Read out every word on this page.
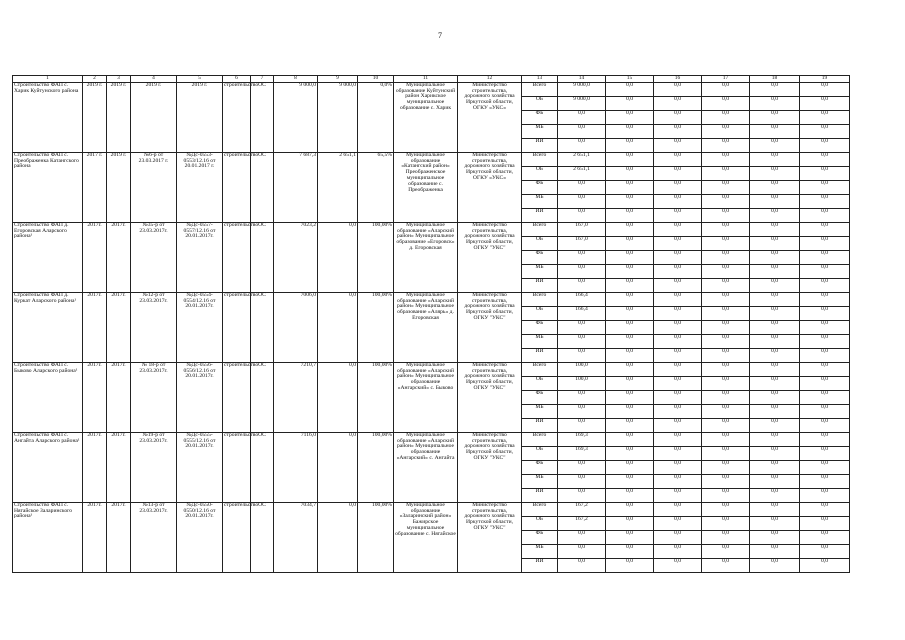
7
1	2	3	4	5	6	7	8	9	10	11	12	13	14	15	16	17	18	19
Строительство ФАП с. Харик Куйтунского района	2019 г.	2019 г.	2019 г.	2019 г.	строительство	ОС	9 000,0	9 000,0	0,0%	Муниципальное образование Куйтунский район Харикское муниципальное образование с. Харик	Министерство строительства, дорожного хозяйства Иркутской области, ОГКУ «УКС»	Всего	9 000,0	0,0	0,0	0,0	0,0	0,0
												ОБ	9 000,0	0,0	0,0	0,0	0,0	0,0
												ФБ	0,0	0,0	0,0	0,0	0,0	0,0
												МБ	0,0	0,0	0,0	0,0	0,0	0,0
												ИИ	0,0	0,0	0,0	0,0	0,0	0,0
Строительство ФАП с. Преображенка Катангского района	2017 г.	2019 г.	№6-р от 23.03.2017 г.	№Дс-0553-0553/12.16 от 20.01.2017 г.	строительство	ОС	7 687,3	2 651,1	65,5%	Муниципальное образование «Катангский район» Преображенское муниципальное образование с. Преображенка	Министерство строительства, дорожного хозяйства Иркутской области, ОГКУ «УКС»	Всего	2 651,1	0,0	0,0	0,0	0,0	0,0
												ОБ	2 651,1	0,0	0,0	0,0	0,0	0,0
												ФБ	0,0	0,0	0,0	0,0	0,0	0,0
												МБ	0,0	0,0	0,0	0,0	0,0	0,0
												ИИ	0,0	0,0	0,0	0,0	0,0	0,0
Строительство ФАП д. Егоровская Аларского района¹	2017г.	2017г.	№35-р от 23.03.2017г.	№Дс-0557-0557/12.16 от 20.01.2017г.	строительство	ОС	7023,2	0,0	100,00%	Муниципальное образование «Аларский район» Муниципальное образование «Егоровск» д. Егоровская	Министерство строительства, дорожного хозяйства Иркутской области, ОГКУ "УКС"	Всего	167,0	0,0	0,0	0,0	0,0	0,0
												ОБ	167,0	0,0	0,0	0,0	0,0	0,0
												ФБ	0,0	0,0	0,0	0,0	0,0	0,0
												МБ	0,0	0,0	0,0	0,0	0,0	0,0
												ИИ	0,0	0,0	0,0	0,0	0,0	0,0
Строительство ФАП д. Куркат Аларского района¹	2017г.	2017г.	№12-р от 23.03.2017г.	№Дс-0554-0554/12.16 от 20.01.2017г.	строительство	ОС	7006,0	0,0	100,00%	Муниципальное образование «Аларский район» Муниципальное образование «Алярь» д. Егоровская	Министерство строительства, дорожного хозяйства Иркутской области, ОГКУ "УКС"	Всего	166,4	0,0	0,0	0,0	0,0	0,0
												ОБ	166,4	0,0	0,0	0,0	0,0	0,0
												ФБ	0,0	0,0	0,0	0,0	0,0	0,0
												МБ	0,0	0,0	0,0	0,0	0,0	0,0
												ИИ	0,0	0,0	0,0	0,0	0,0	0,0
Строительство ФАП с. Быково Аларского района¹	2017г.	2017г.	№ 18-р от 23.03.2017г.	№Дс-0556-0556/12.16 от 20.01.2017г.	строительство	ОС	7210,7	0,0	100,00%	Муниципальное образование «Аларский район» Муниципальное образование «Ангарский» с. Быково	Министерство строительства, дорожного хозяйства Иркутской области, ОГКУ "УКС"	Всего	100,0	0,0	0,0	0,0	0,0	0,0
												ОБ	100,0	0,0	0,0	0,0	0,0	0,0
												ФБ	0,0	0,0	0,0	0,0	0,0	0,0
												МБ	0,0	0,0	0,0	0,0	0,0	0,0
												ИИ	0,0	0,0	0,0	0,0	0,0	0,0
Строительство ФАП с. Ангайта Аларского района¹	2017г.	2017г.	№19-р от 23.03.2017г.	№Дс-0555-0555/12.16 от 20.01.2017г.	строительство	ОС	7116,0	0,0	100,00%	Муниципальное образование «Аларский район» Муниципальное образование «Ангарский» с. Ангайта	Министерство строительства, дорожного хозяйства Иркутской области, ОГКУ "УКС"	Всего	169,3	0,0	0,0	0,0	0,0	0,0
												ОБ	169,3	0,0	0,0	0,0	0,0	0,0
												ФБ	0,0	0,0	0,0	0,0	0,0	0,0
												МБ	0,0	0,0	0,0	0,0	0,0	0,0
												ИИ	0,0	0,0	0,0	0,0	0,0	0,0
Строительство ФАП с. Нягайское Заларинского района¹	2017г.	2017г.	№13-р от 23.03.2017г.	№Дс-0550-0550/12.16 от 20.01.2017г.	строительство	ОС	7034,7	0,0	100,00%	Муниципальное образование «Заларинский район» Бажирское муниципальное образование с. Нягайское	Министерство строительства, дорожного хозяйства Иркутской области, ОГКУ "УКС"	Всего	167,2	0,0	0,0	0,0	0,0	0,0
												ОБ	167,2	0,0	0,0	0,0	0,0	0,0
												ФБ	0,0	0,0	0,0	0,0	0,0	0,0
												МБ	0,0	0,0	0,0	0,0	0,0	0,0
												ИИ	0,0	0,0	0,0	0,0	0,0	0,0
